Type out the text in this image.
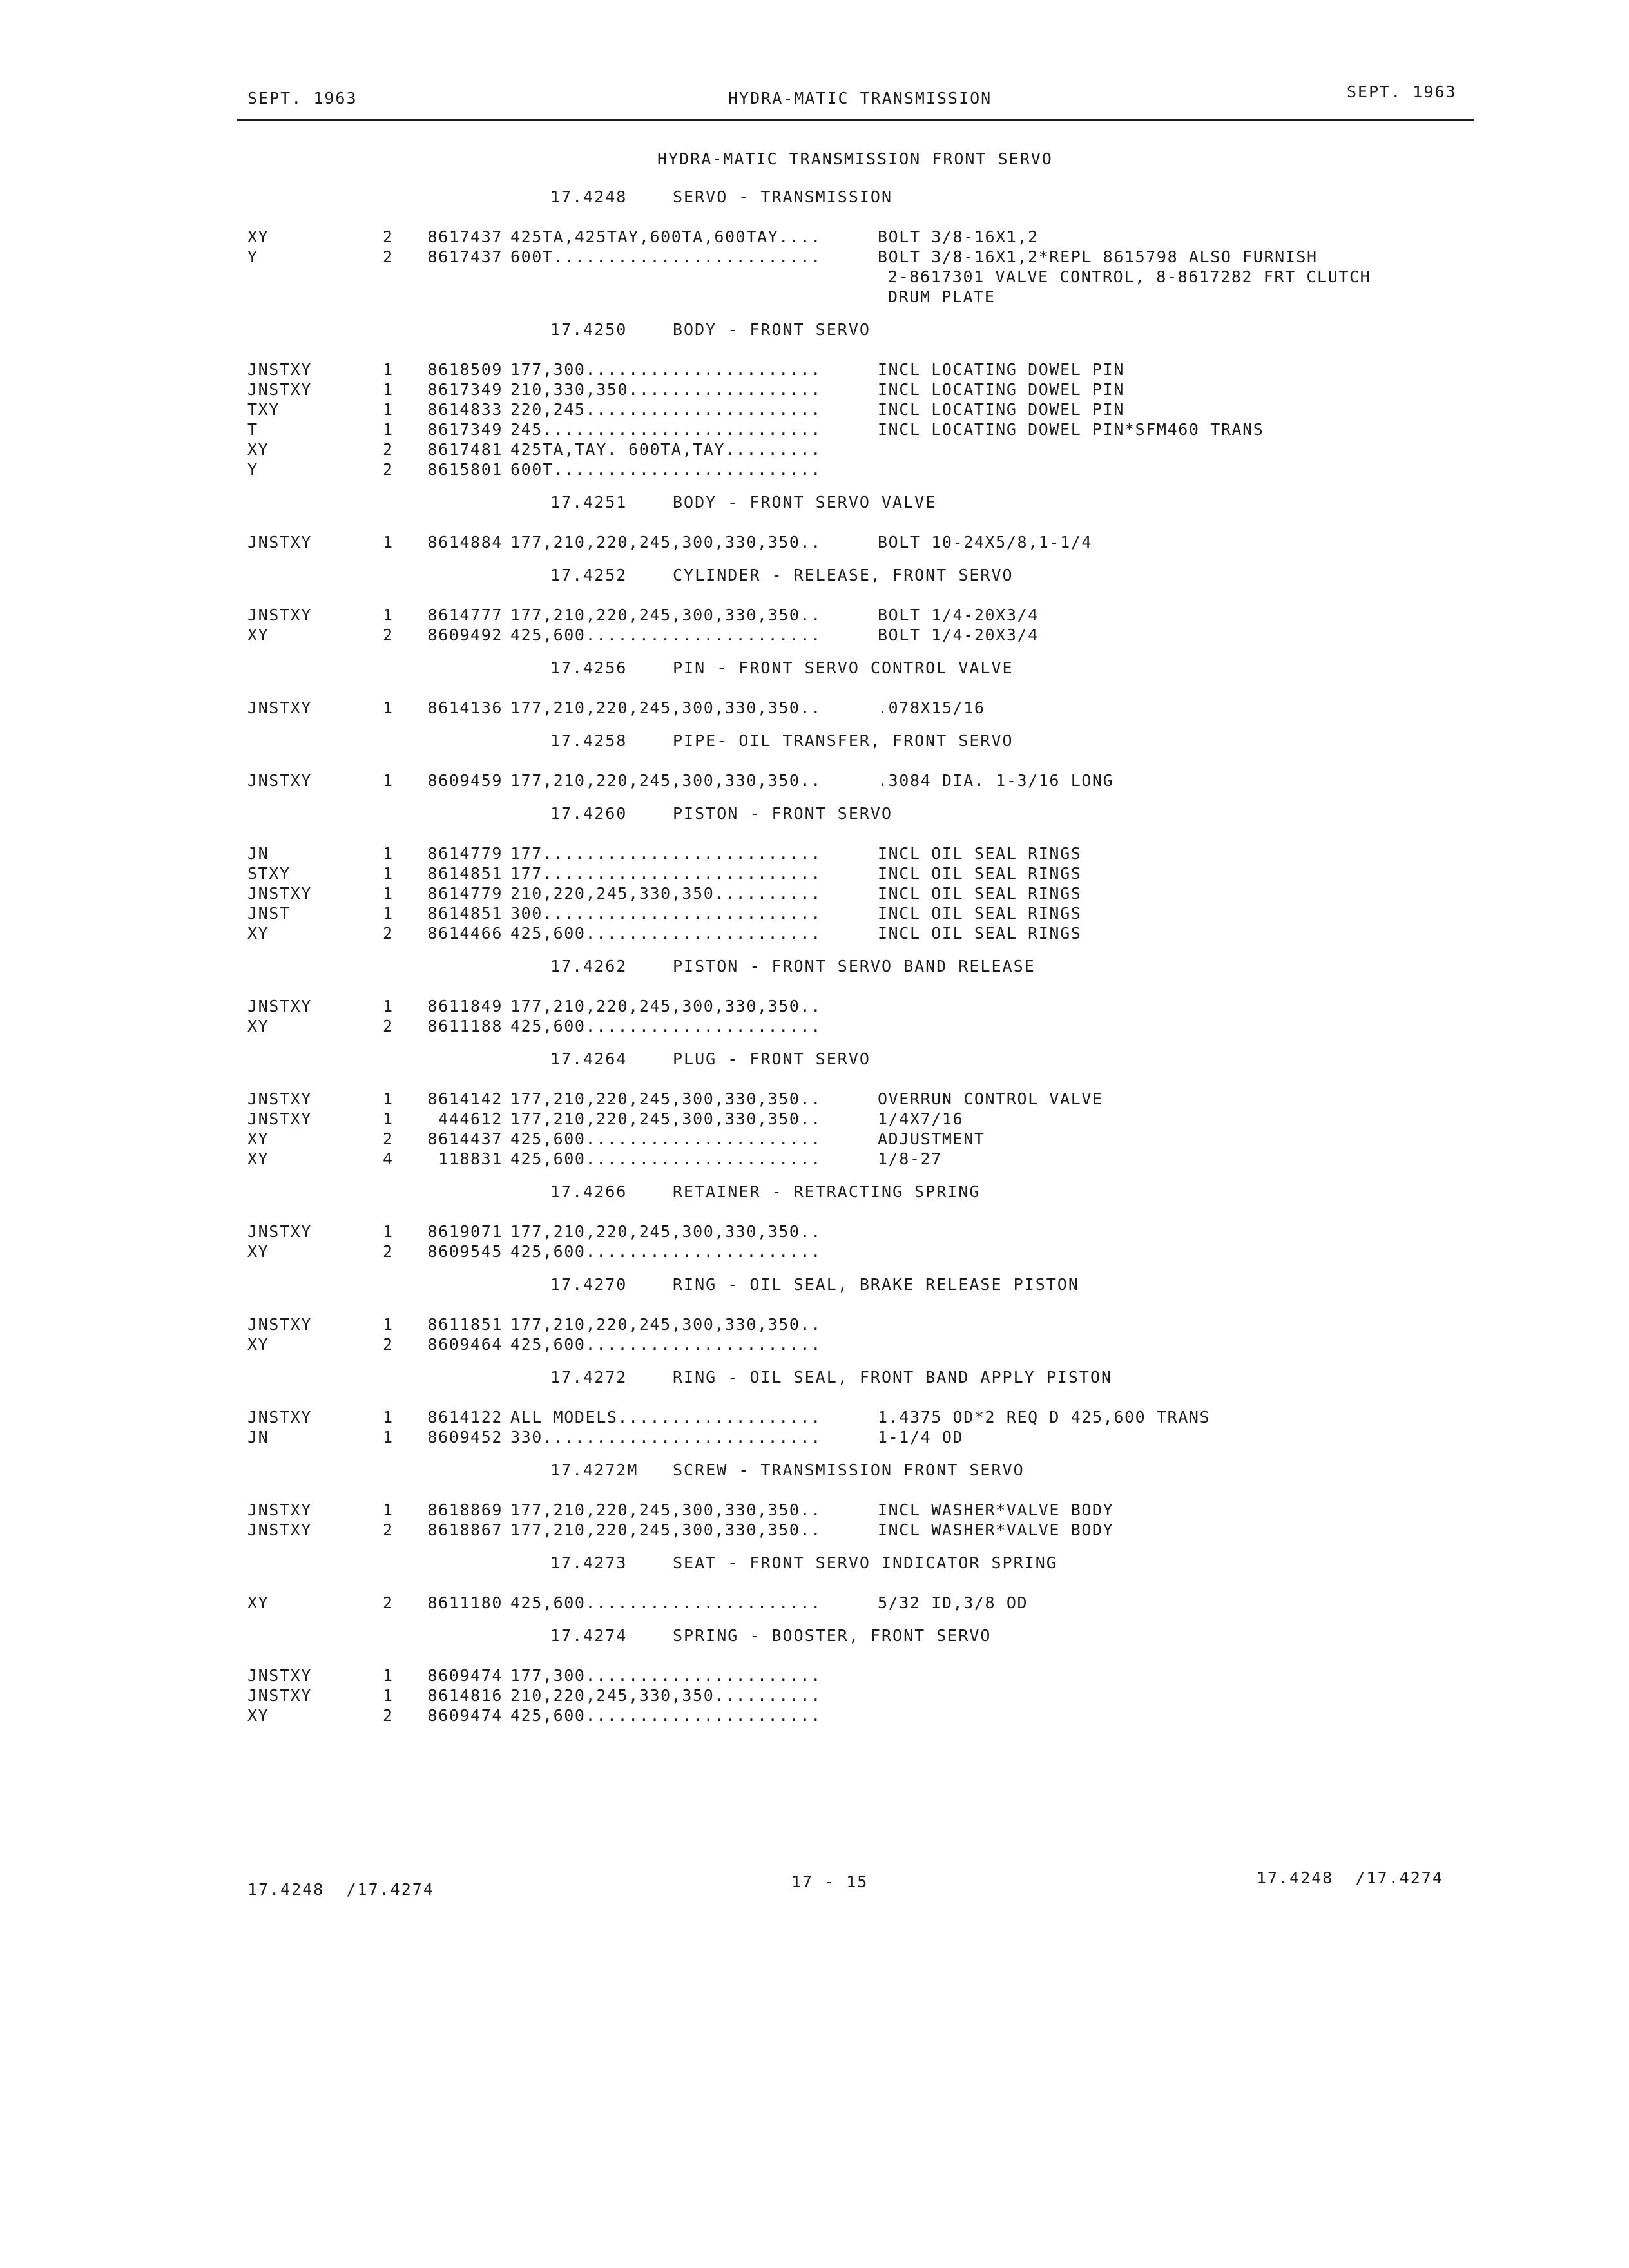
SEPT. 1963	HYDRA-MATIC TRANSMISSION	SEPT. 1963
HYDRA-MATIC TRANSMISSION FRONT SERVO
17.4248	SERVO - TRANSMISSION
XY	2	8617437 425TA,425TAY,600TA,600TAY....	BOLT 3/8-16X1,2
Y	2	8617437 600T.........................	BOLT 3/8-16X1,2*REPL 8615798 ALSO FURNISH
2-8617301 VALVE CONTROL, 8-8617282 FRT CLUTCH
DRUM PLATE
17.4250	BODY - FRONT SERVO
JNSTXY	1	8618509 177,300......................	INCL LOCATING DOWEL PIN
JNSTXY	1	8617349 210,330,350..................	INCL LOCATING DOWEL PIN
TXY	1	8614833 220,245......................	INCL LOCATING DOWEL PIN
T	1	8617349 245..........................	INCL LOCATING DOWEL PIN*SFM460 TRANS
XY	2	8617481 425TA,TAY. 600TA,TAY.........
Y	2	8615801 600T.........................
17.4251	BODY - FRONT SERVO VALVE
JNSTXY	1	8614884 177,210,220,245,300,330,350..	BOLT 10-24X5/8,1-1/4
17.4252	CYLINDER - RELEASE, FRONT SERVO
JNSTXY	1	8614777 177,210,220,245,300,330,350..	BOLT 1/4-20X3/4
XY	2	8609492 425,600......................	BOLT 1/4-20X3/4
17.4256	PIN - FRONT SERVO CONTROL VALVE
JNSTXY	1	8614136 177,210,220,245,300,330,350..	.078X15/16
17.4258	PIPE- OIL TRANSFER, FRONT SERVO
JNSTXY	1	8609459 177,210,220,245,300,330,350..	.3084 DIA. 1-3/16 LONG
17.4260	PISTON - FRONT SERVO
JN	1	8614779 177..........................	INCL OIL SEAL RINGS
STXY	1	8614851 177..........................	INCL OIL SEAL RINGS
JNSTXY	1	8614779 210,220,245,330,350..........	INCL OIL SEAL RINGS
JNST	1	8614851 300..........................	INCL OIL SEAL RINGS
XY	2	8614466 425,600......................	INCL OIL SEAL RINGS
17.4262	PISTON - FRONT SERVO BAND RELEASE
JNSTXY	1	8611849 177,210,220,245,300,330,350..
XY	2	8611188 425,600......................
17.4264	PLUG - FRONT SERVO
JNSTXY	1	8614142 177,210,220,245,300,330,350..	OVERRUN CONTROL VALVE
JNSTXY	1	444612 177,210,220,245,300,330,350..	1/4X7/16
XY	2	8614437 425,600......................	ADJUSTMENT
XY	4	118831 425,600......................	1/8-27
17.4266	RETAINER - RETRACTING SPRING
JNSTXY	1	8619071 177,210,220,245,300,330,350..
XY	2	8609545 425,600......................
17.4270	RING - OIL SEAL, BRAKE RELEASE PISTON
JNSTXY	1	8611851 177,210,220,245,300,330,350..
XY	2	8609464 425,600......................
17.4272	RING - OIL SEAL, FRONT BAND APPLY PISTON
JNSTXY	1	8614122 ALL MODELS...................	1.4375 OD*2 REQ D 425,600 TRANS
JN	1	8609452 330..........................	1-1/4 OD
17.4272M SCREW - TRANSMISSION FRONT SERVO
JNSTXY	1	8618869 177,210,220,245,300,330,350..	INCL WASHER*VALVE BODY
JNSTXY	2	8618867 177,210,220,245,300,330,350..	INCL WASHER*VALVE BODY
17.4273	SEAT - FRONT SERVO INDICATOR SPRING
XY	2	8611180 425,600......................	5/32 ID,3/8 OD
17.4274	SPRING - BOOSTER, FRONT SERVO
JNSTXY	1	8609474 177,300......................
JNSTXY	1	8614816 210,220,245,330,350..........
XY	2	8609474 425,600......................
17.4248  /17.4274	17 - 15	17.4248  /17.4274
